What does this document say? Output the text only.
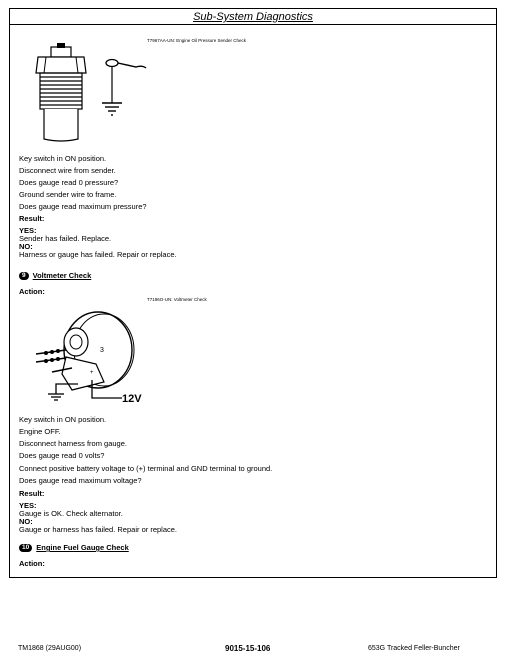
Sub-System Diagnostics
T7967AA-UN: Engine Oil Pressure Sender Check
Key switch in ON position.
Disconnect wire from sender.
Does gauge read 0 pressure?
Ground sender wire to frame.
Does gauge read maximum pressure?
Result:
YES:
Sender has failed. Replace.
NO:
Harness or gauge has failed. Repair or replace.
9 Voltmeter Check
Action:
T7196O-UN: Voltmeter Check
3
+
12V
Key switch in ON position.
Engine OFF.
Disconnect harness from gauge.
Does gauge read 0 volts?
Connect positive battery voltage to (+) terminal and GND terminal to ground.
Does gauge read maximum voltage?
Result:
YES:
Gauge is OK. Check alternator.
NO:
Gauge or harness has failed. Repair or replace.
10 Engine Fuel Gauge Check
Action:
TM1868 (29AUG00)	9015-15-106	653G Tracked Feller-Buncher
